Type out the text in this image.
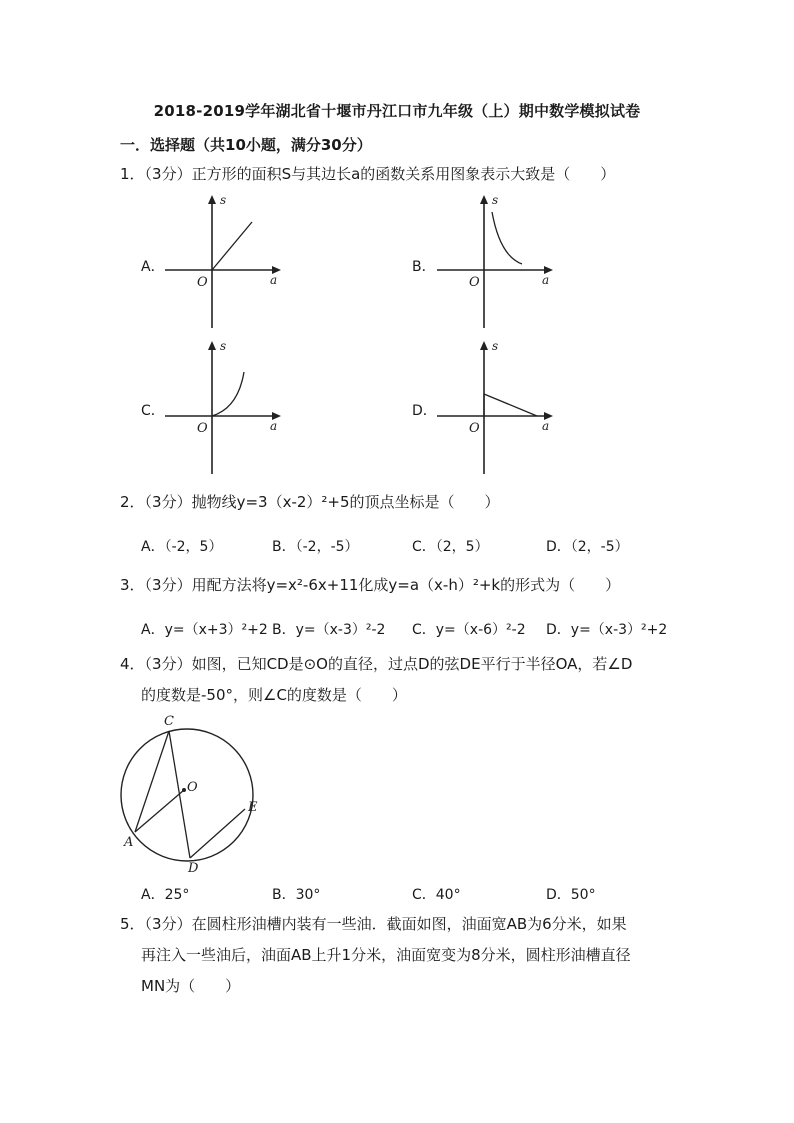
2018-2019学年湖北省十堰市丹江口市九年级（上）期中数学模拟试卷
一．选择题（共10小题，满分30分）
1．（3分）正方形的面积S与其边长a的函数关系用图象表示大致是（　　）
A．
s
a
O
B．
s
a
O
C．
s
a
O
D．
s
a
O
2．（3分）抛物线y=3（x-2）²+5的顶点坐标是（　　）
A．（-2，5）	B．（-2，-5）	C．（2，5）	D．（2，-5）
3．（3分）用配方法将y=x²-6x+11化成y=a（x-h）²+k的形式为（　　）
A．y=（x+3）²+2 B．y=（x-3）²-2 C．y=（x-6）²-2 D．y=（x-3）²+2
4．（3分）如图，已知CD是⊙O的直径，过点D的弦DE平行于半径OA，若∠D
的度数是-50°，则∠C的度数是（　　）
C
O
E
A
D
A．25°	B．30°	C．40°	D．50°
5．（3分）在圆柱形油槽内装有一些油．截面如图，油面宽AB为6分米，如果
再注入一些油后，油面AB上升1分米，油面宽变为8分米，圆柱形油槽直径
MN为（　　）
